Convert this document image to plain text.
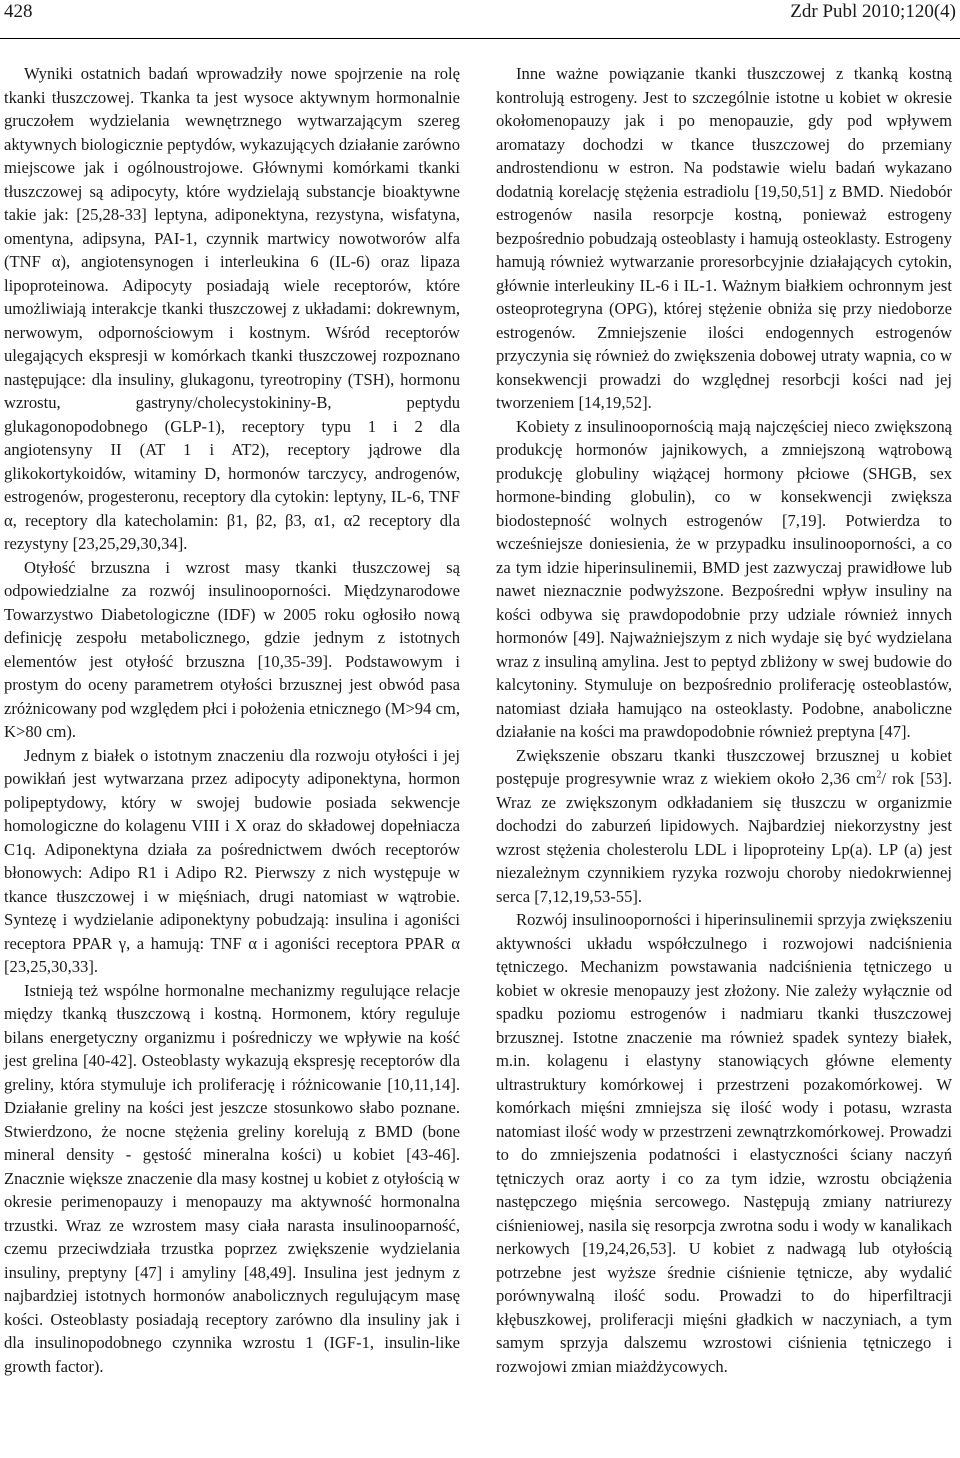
428	Zdr Publ 2010;120(4)

Wyniki ostatnich badań wprowadziły nowe spojrzenie na rolę tkanki tłuszczowej. Tkanka ta jest wysoce aktywnym hormonalnie gruczołem wydzielania wewnętrznego wytwarzającym szereg aktywnych biologicznie peptydów, wykazujących działanie zarówno miejscowe jak i ogólnoustrojowe. Głównymi komórkami tkanki tłuszczowej są adipocyty, które wydzielają substancje bioaktywne takie jak: [25,28-33] leptyna, adiponektyna, rezystyna, wisfatyna, omentyna, adipsyna, PAI-1, czynnik martwicy nowotworów alfa (TNF α), angiotensynogen i interleukina 6 (IL-6) oraz lipaza lipoproteinowa. Adipocyty posiadają wiele receptorów, które umożliwiają interakcje tkanki tłuszczowej z układami: dokrewnym, nerwowym, odpornościowym i kostnym. Wśród receptorów ulegających ekspresji w komórkach tkanki tłuszczowej rozpoznano następujące: dla insuliny, glukagonu, tyreotropiny (TSH), hormonu wzrostu, gastryny/cholecystokininy-B, peptydu glukagonopodobnego (GLP-1), receptory typu 1 i 2 dla angiotensyny II (AT 1 i AT2), receptory jądrowe dla glikokortykoidów, witaminy D, hormonów tarczycy, androgenów, estrogenów, progesteronu, receptory dla cytokin: leptyny, IL-6, TNF α, receptory dla katecholamin: β1, β2, β3, α1, α2 receptory dla rezystyny [23,25,29,30,34].

Otyłość brzuszna i wzrost masy tkanki tłuszczowej są odpowiedzialne za rozwój insulinooporności. Międzynarodowe Towarzystwo Diabetologiczne (IDF) w 2005 roku ogłosiło nową definicję zespołu metabolicznego, gdzie jednym z istotnych elementów jest otyłość brzuszna [10,35-39]. Podstawowym i prostym do oceny parametrem otyłości brzusznej jest obwód pasa zróżnicowany pod względem płci i położenia etnicznego (M>94 cm, K>80 cm).

Jednym z białek o istotnym znaczeniu dla rozwoju otyłości i jej powikłań jest wytwarzana przez adipocyty adiponektyna, hormon polipeptydowy, który w swojej budowie posiada sekwencje homologiczne do kolagenu VIII i X oraz do składowej dopełniacza C1q. Adiponektyna działa za pośrednictwem dwóch receptorów błonowych: Adipo R1 i Adipo R2. Pierwszy z nich występuje w tkance tłuszczowej i w mięśniach, drugi natomiast w wątrobie. Syntezę i wydzielanie adiponektyny pobudzają: insulina i agoniści receptora PPAR γ, a hamują: TNF α i agoniści receptora PPAR α [23,25,30,33].

Istnieją też wspólne hormonalne mechanizmy regulujące relacje między tkanką tłuszczową i kostną. Hormonem, który reguluje bilans energetyczny organizmu i pośredniczy we wpływie na kość jest grelina [40-42]. Osteoblasty wykazują ekspresję receptorów dla greliny, która stymuluje ich proliferację i różnicowanie [10,11,14]. Działanie greliny na kości jest jeszcze stosunkowo słabo poznane. Stwierdzono, że nocne stężenia greliny korelują z BMD (bone mineral density - gęstość mineralna kości) u kobiet [43-46]. Znacznie większe znaczenie dla masy kostnej u kobiet z otyłością w okresie perimenopauzy i menopauzy ma aktywność hormonalna trzustki. Wraz ze wzrostem masy ciała narasta insulinooparność, czemu przeciwdziała trzustka poprzez zwiększenie wydzielania insuliny, preptyny [47] i amyliny [48,49]. Insulina jest jednym z najbardziej istotnych hormonów anabolicznych regulującym masę kości. Osteoblasty posiadają receptory zarówno dla insuliny jak i dla insulinopodobnego czynnika wzrostu 1 (IGF-1, insulin-like growth factor).

Inne ważne powiązanie tkanki tłuszczowej z tkanką kostną kontrolują estrogeny. Jest to szczególnie istotne u kobiet w okresie okołomenopauzy jak i po menopauzie, gdy pod wpływem aromatazy dochodzi w tkance tłuszczowej do przemiany androstendionu w estron. Na podstawie wielu badań wykazano dodatnią korelację stężenia estradiolu [19,50,51] z BMD. Niedobór estrogenów nasila resorpcje kostną, ponieważ estrogeny bezpośrednio pobudzają osteoblasty i hamują osteoklasty. Estrogeny hamują również wytwarzanie proresorbcyjnie działających cytokin, głównie interleukiny IL-6 i IL-1. Ważnym białkiem ochronnym jest osteoprotegryna (OPG), której stężenie obniża się przy niedoborze estrogenów. Zmniejszenie ilości endogennych estrogenów przyczynia się również do zwiększenia dobowej utraty wapnia, co w konsekwencji prowadzi do względnej resorbcji kości nad jej tworzeniem [14,19,52].

Kobiety z insulinoopornością mają najczęściej nieco zwiększoną produkcję hormonów jajnikowych, a zmniejszoną wątrobową produkcję globuliny wiążącej hormony płciowe (SHGB, sex hormone-binding globulin), co w konsekwencji zwiększa biodostepność wolnych estrogenów [7,19]. Potwierdza to wcześniejsze doniesienia, że w przypadku insulinooporności, a co za tym idzie hiperinsulinemii, BMD jest zazwyczaj prawidłowe lub nawet nieznacznie podwyższone. Bezpośredni wpływ insuliny na kości odbywa się prawdopodobnie przy udziale również innych hormonów [49]. Najważniejszym z nich wydaje się być wydzielana wraz z insuliną amylina. Jest to peptyd zbliżony w swej budowie do kalcytoniny. Stymuluje on bezpośrednio proliferację osteoblastów, natomiast działa hamująco na osteoklasty. Podobne, anaboliczne działanie na kości ma prawdopodobnie również preptyna [47].

Zwiększenie obszaru tkanki tłuszczowej brzusznej u kobiet postępuje progresywnie wraz z wiekiem około 2,36 $cm^2/$ rok [53]. Wraz ze zwiększonym odkładaniem się tłuszczu w organizmie dochodzi do zaburzeń lipidowych. Najbardziej niekorzystny jest wzrost stężenia cholesterolu LDL i lipoproteiny Lp(a). LP (a) jest niezależnym czynnikiem ryzyka rozwoju choroby niedokrwiennej serca [7,12,19,53-55].

Rozwój insulinooporności i hiperinsulinemii sprzyja zwiększeniu aktywności układu współczulnego i rozwojowi nadciśnienia tętniczego. Mechanizm powstawania nadciśnienia tętniczego u kobiet w okresie menopauzy jest złożony. Nie zależy wyłącznie od spadku poziomu estrogenów i nadmiaru tkanki tłuszczowej brzusznej. Istotne znaczenie ma również spadek syntezy białek, m.in. kolagenu i elastyny stanowiących główne elementy ultrastruktury komórkowej i przestrzeni pozakomórkowej. W komórkach mięśni zmniejsza się ilość wody i potasu, wzrasta natomiast ilość wody w przestrzeni zewnątrzkomórkowej. Prowadzi to do zmniejszenia podatności i elastyczności ściany naczyń tętniczych oraz aorty i co za tym idzie, wzrostu obciążenia następczego mięśnia sercowego. Następują zmiany natriurezy ciśnieniowej, nasila się resorpcja zwrotna sodu i wody w kanalikach nerkowych [19,24,26,53]. U kobiet z nadwagą lub otyłością potrzebne jest wyższe średnie ciśnienie tętnicze, aby wydalić porównywalną ilość sodu. Prowadzi to do hiperfiltracji kłębuszkowej, proliferacji mięśni gładkich w naczyniach, a tym samym sprzyja dalszemu wzrostowi ciśnienia tętniczego i rozwojowi zmian miażdżycowych.
